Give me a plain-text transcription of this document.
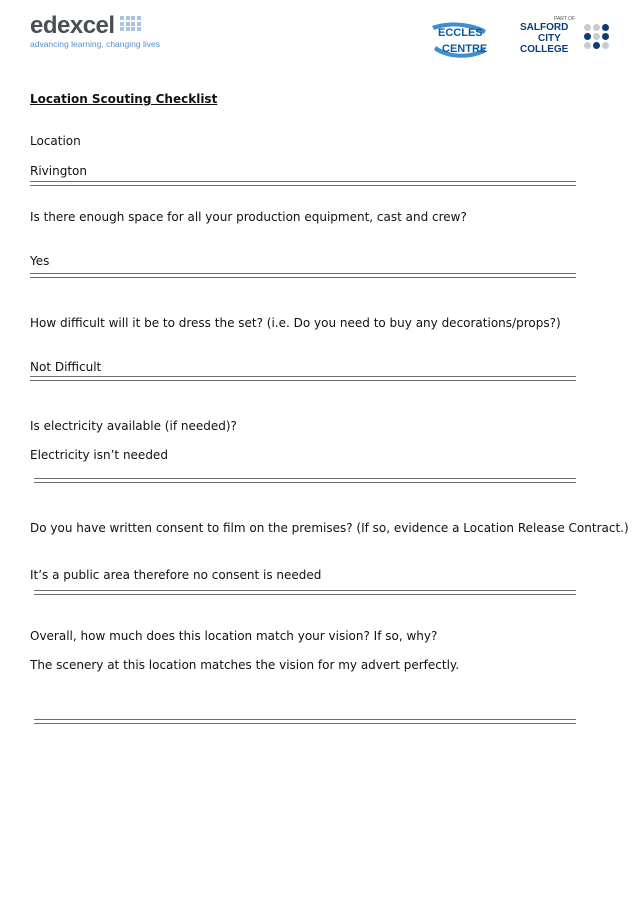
edexcel
advancing learning, changing lives
ECCLES
CENTRE
PART OF
SALFORD
CITY
COLLEGE
Location Scouting Checklist
Location
Rivington
Is there enough space for all your production equipment, cast and crew?
Yes
How difficult will it be to dress the set? (i.e. Do you need to buy any decorations/props?)
Not Difficult
Is electricity available (if needed)?
Electricity isn’t needed
Do you have written consent to film on the premises? (If so, evidence a Location Release Contract.)
It’s a public area therefore no consent is needed
Overall, how much does this location match your vision? If so, why?
The scenery at this location matches the vision for my advert perfectly.
